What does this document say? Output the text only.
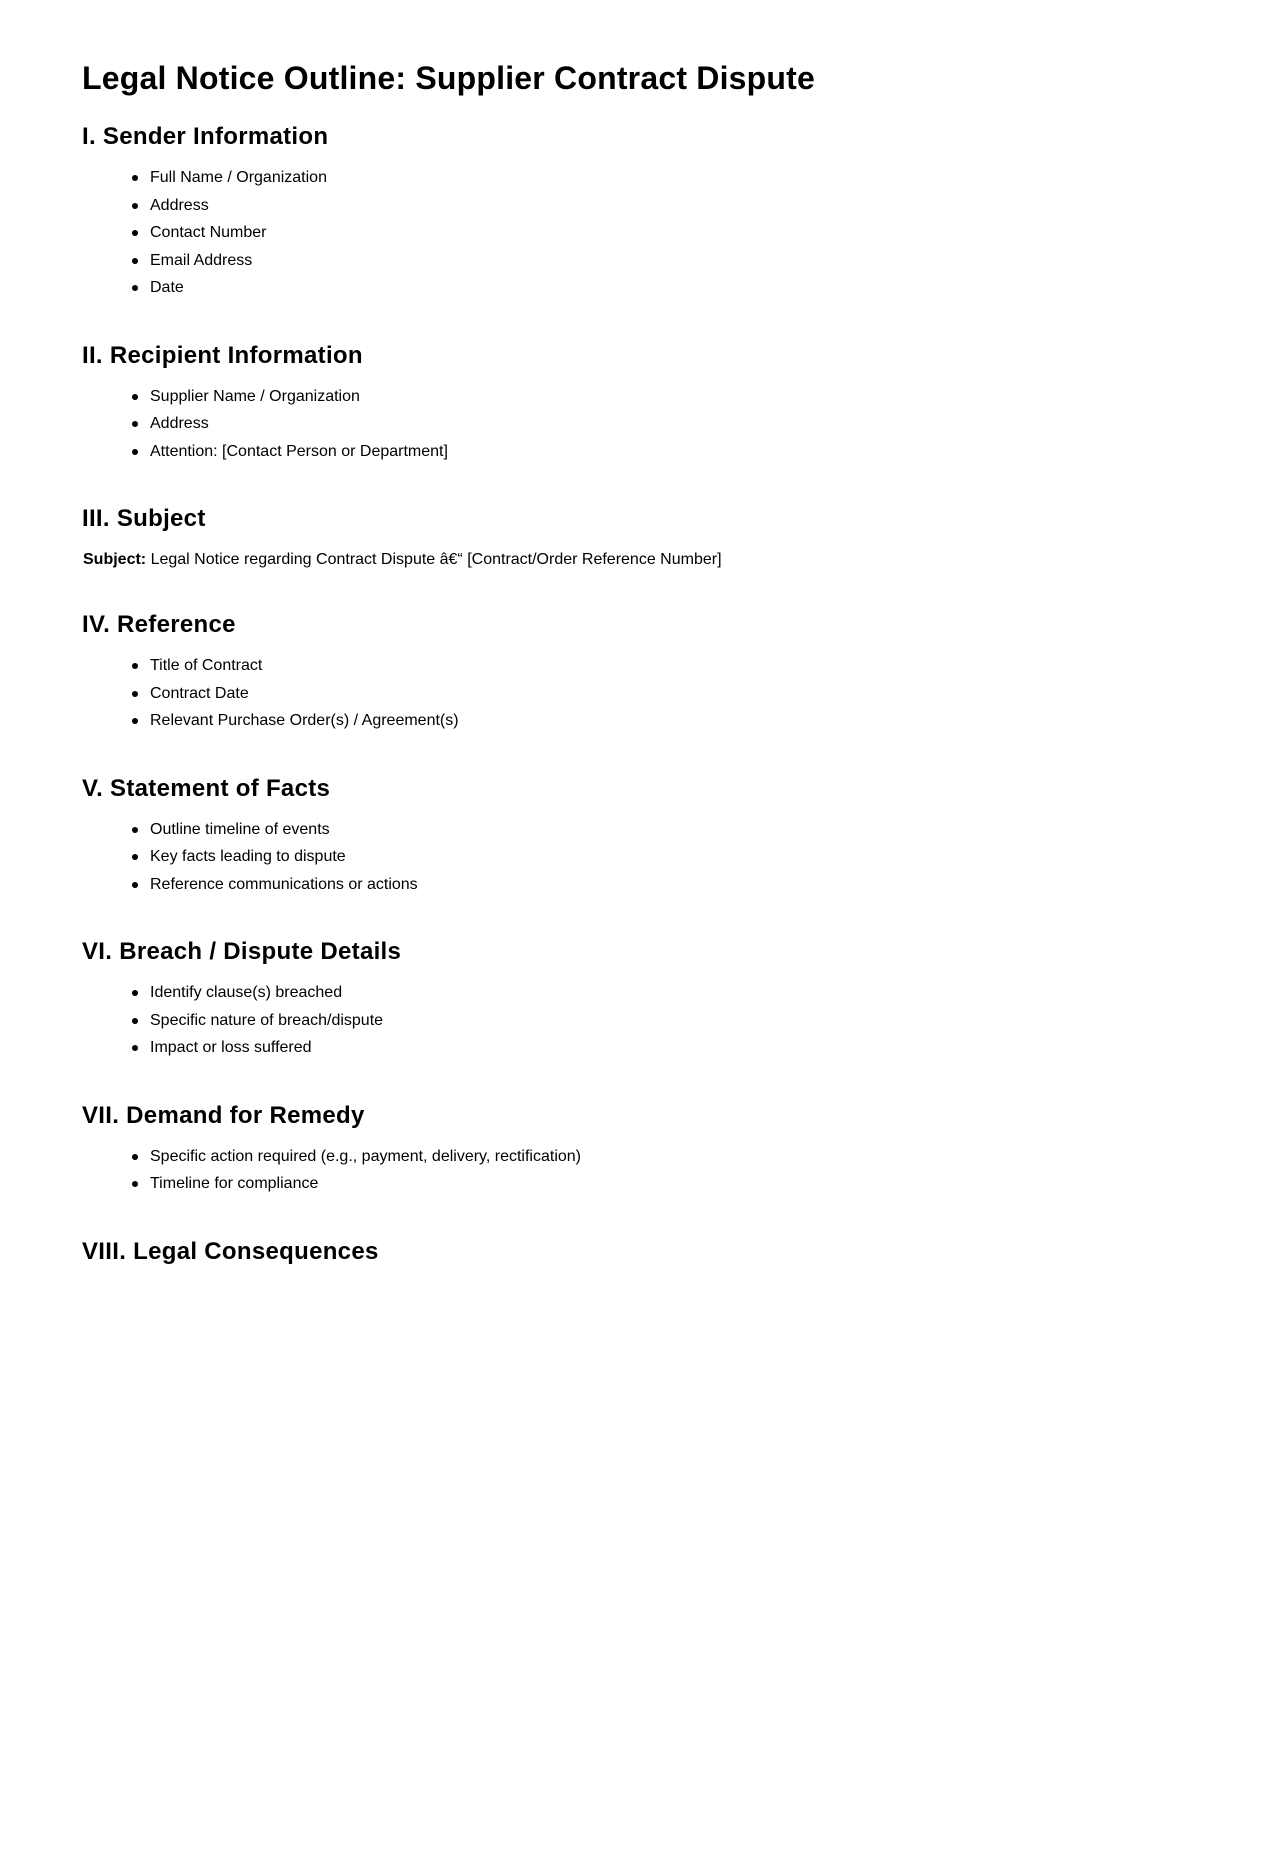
Legal Notice Outline: Supplier Contract Dispute
I. Sender Information
Full Name / Organization
Address
Contact Number
Email Address
Date
II. Recipient Information
Supplier Name / Organization
Address
Attention: [Contact Person or Department]
III. Subject

Subject: Legal Notice regarding Contract Dispute â€“ [Contract/Order Reference Number]

IV. Reference
Title of Contract
Contract Date
Relevant Purchase Order(s) / Agreement(s)
V. Statement of Facts
Outline timeline of events
Key facts leading to dispute
Reference communications or actions
VI. Breach / Dispute Details
Identify clause(s) breached
Specific nature of breach/dispute
Impact or loss suffered
VII. Demand for Remedy
Specific action required (e.g., payment, delivery, rectification)
Timeline for compliance
VIII. Legal Consequences
